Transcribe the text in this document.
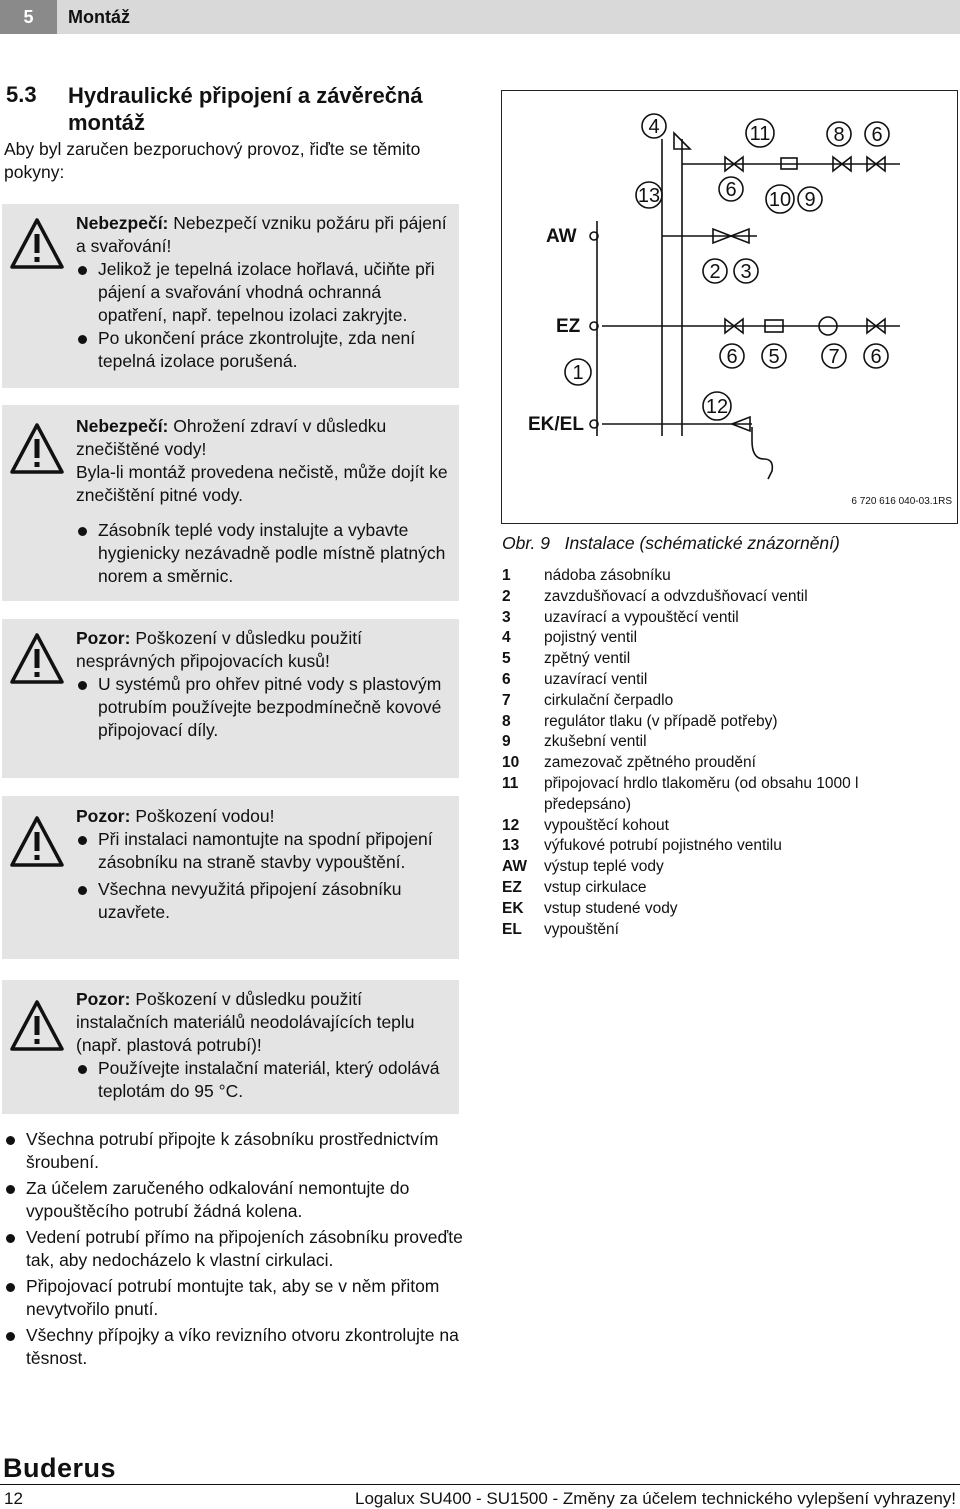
5	Montáž
5.3 Hydraulické připojení a závěrečná montáž
Aby byl zaručen bezporuchový provoz, řiďte se těmito pokyny:

Nebezpečí: Nebezpečí vzniku požáru při pájení a svařování!

Jelikož je tepelná izolace hořlavá, učiňte při pájení a svařování vhodná ochranná opatření, např. tepelnou izolaci zakryjte.

Po ukončení práce zkontrolujte, zda není tepelná izolace porušená.

Nebezpečí: Ohrožení zdraví v důsledku znečištěné vody!

Byla-li montáž provedena nečistě, může dojít ke znečištění pitné vody.

Zásobník teplé vody instalujte a vybavte hygienicky nezávadně podle místně platných norem a směrnic.

Pozor: Poškození v důsledku použití nesprávných připojovacích kusů!

U systémů pro ohřev pitné vody s plastovým potrubím používejte bezpodmínečně kovové připojovací díly.

Pozor: Poškození vodou!

Při instalaci namontujte na spodní připojení zásobníku na straně stavby vypouštění.

Všechna nevyužitá připojení zásobníku uzavřete.

Pozor: Poškození v důsledku použití instalačních materiálů neodolávajících teplu (např. plastová potrubí)!

Používejte instalační materiál, který odolává teplotám do 95 °C.

Všechna potrubí připojte k zásobníku prostřednictvím šroubení.

Za účelem zaručeného odkalování nemontujte do vypouštěcího potrubí žádná kolena.

Vedení potrubí přímo na připojeních zásobníku proveďte tak, aby nedocházelo k vlastní cirkulaci.

Připojovací potrubí montujte tak, aby se v něm přitom nevytvořilo pnutí.

Všechny přípojky a víko revizního otvoru zkontrolujte na těsnost.

4	11	8 6
13	6 10 9
2 3
1
6 5 7 6
12
AW
EZ
EK/EL
6 720 616 040-03.1RS
Obr. 9 Instalace (schématické znázornění)
1	nádoba zásobníku
2	zavzdušňovací a odvzdušňovací ventil
3	uzavírací a vypouštěcí ventil
4	pojistný ventil
5	zpětný ventil
6	uzavírací ventil
7	cirkulační čerpadlo
8	regulátor tlaku (v případě potřeby)
9	zkušební ventil
10	zamezovač zpětného proudění
11	připojovací hrdlo tlakoměru (od obsahu 1000 l předepsáno)
12	vypouštěcí kohout
13	výfukové potrubí pojistného ventilu
AW	výstup teplé vody
EZ	vstup cirkulace
EK	vstup studené vody
EL	vypouštění
Buderus
12	Logalux SU400 - SU1500 - Změny za účelem technického vylepšení vyhrazeny!
